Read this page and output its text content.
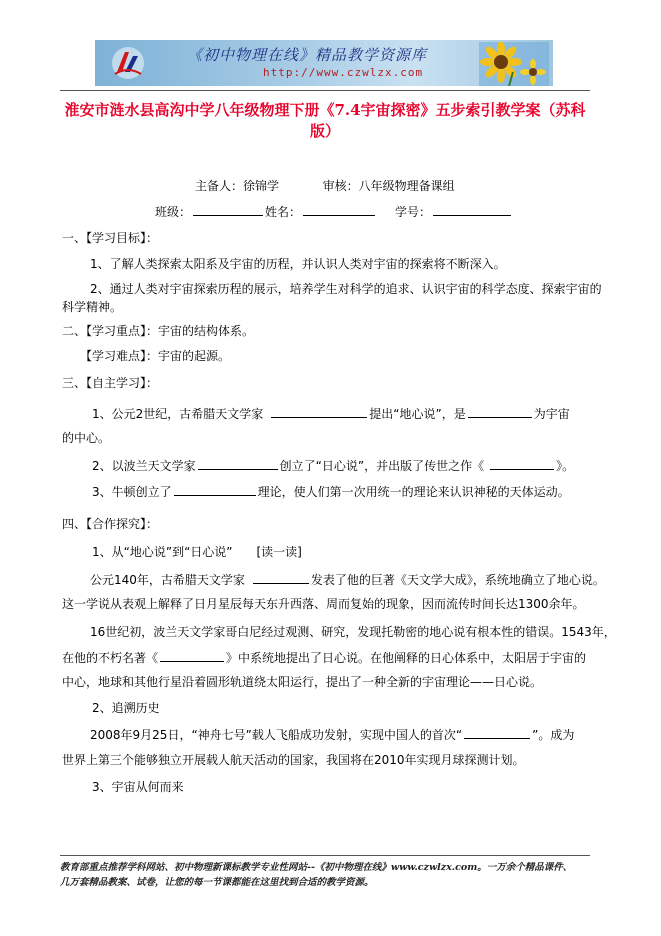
《初中物理在线》精品教学资源库
http://www.czwlzx.com
淮安市涟水县高沟中学八年级物理下册《7.4宇宙探密》五步索引教学案（苏科版）
主备人：徐锦学	审核：八年级物理备课组
班级：	姓名：	学号：
一、【学习目标】：
1、了解人类探索太阳系及宇宙的历程，并认识人类对宇宙的探索将不断深入。
2、通过人类对宇宙探索历程的展示，培养学生对科学的追求、认识宇宙的科学态度、探索宇宙的
科学精神。
二、【学习重点】：宇宙的结构体系。
【学习难点】：宇宙的起源。
三、【自主学习】：
1、公元2世纪，古希腊天文学家	提出“地心说”，是	为宇宙
的中心。
2、以波兰天文学家	创立了“日心说”，并出版了传世之作《	》。
3、牛顿创立了	理论，使人们第一次用统一的理论来认识神秘的天体运动。
四、【合作探究】：
1、从“地心说”到“日心说”　　[读一读]
公元140年，古希腊天文学家	发表了他的巨著《天文学大成》，系统地确立了地心说。
这一学说从表观上解释了日月星辰每天东升西落、周而复始的现象，因而流传时间长达1300余年。
16世纪初，波兰天文学家哥白尼经过观测、研究，发现托勒密的地心说有根本性的错误。1543年，
在他的不朽名著《	》中系统地提出了日心说。在他阐释的日心体系中，太阳居于宇宙的
中心，地球和其他行星沿着圆形轨道绕太阳运行，提出了一种全新的宇宙理论——日心说。
2、追溯历史
2008年9月25日，“神舟七号”载人飞船成功发射，实现中国人的首次“	”。成为
世界上第三个能够独立开展载人航天活动的国家，我国将在2010年实现月球探测计划。
3、宇宙从何而来
教育部重点推荐学科网站、初中物理新课标教学专业性网站--《初中物理在线》www.czwlzx.com。一万余个精品课件、
几万套精品教案、试卷，让您的每一节课都能在这里找到合适的教学资源。
